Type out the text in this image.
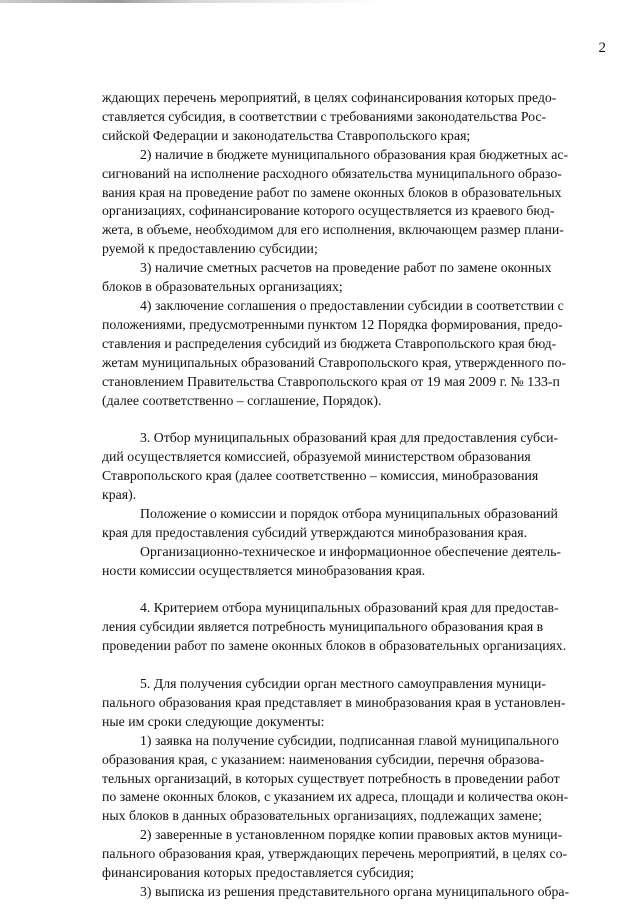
2

ждающих перечень мероприятий, в целях софинансирования которых предо-
ставляется субсидия, в соответствии с требованиями законодательства Рос-
сийской Федерации и законодательства Ставропольского края;

2) наличие в бюджете муниципального образования края бюджетных ас-
сигнований на исполнение расходного обязательства муниципального образо-
вания края на проведение работ по замене оконных блоков в образовательных
организациях, софинансирование которого осуществляется из краевого бюд-
жета, в объеме, необходимом для его исполнения, включающем размер плани-
руемой к предоставлению субсидии;

3) наличие сметных расчетов на проведение работ по замене оконных
блоков в образовательных организациях;

4) заключение соглашения о предоставлении субсидии в соответствии с
положениями, предусмотренными пунктом 12 Порядка формирования, предо-
ставления и распределения субсидий из бюджета Ставропольского края бюд-
жетам муниципальных образований Ставропольского края, утвержденного по-
становлением Правительства Ставропольского края от 19 мая 2009 г. № 133-п
(далее соответственно – соглашение, Порядок).

3. Отбор муниципальных образований края для предоставления субси-
дий осуществляется комиссией, образуемой министерством образования
Ставропольского края (далее соответственно – комиссия, минобразования
края).

Положение о комиссии и порядок отбора муниципальных образований
края для предоставления субсидий утверждаются минобразования края.

Организационно-техническое и информационное обеспечение деятель-
ности комиссии осуществляется минобразования края.

4. Критерием отбора муниципальных образований края для предостав-
ления субсидии является потребность муниципального образования края в
проведении работ по замене оконных блоков в образовательных организациях.

5. Для получения субсидии орган местного самоуправления муници-
пального образования края представляет в минобразования края в установлен-
ные им сроки следующие документы:

1) заявка на получение субсидии, подписанная главой муниципального
образования края, с указанием: наименования субсидии, перечня образова-
тельных организаций, в которых существует потребность в проведении работ
по замене оконных блоков, с указанием их адреса, площади и количества окон-
ных блоков в данных образовательных организациях, подлежащих замене;

2) заверенные в установленном порядке копии правовых актов муници-
пального образования края, утверждающих перечень мероприятий, в целях со-
финансирования которых предоставляется субсидия;

3) выписка из решения представительного органа муниципального обра-
